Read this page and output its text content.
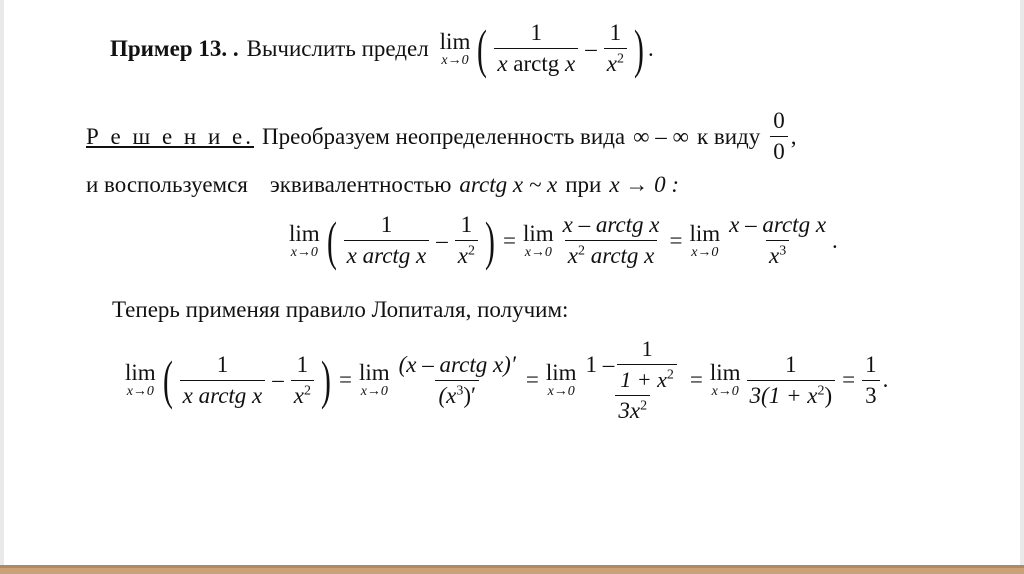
Пример 13. . Вычислить предел lim
x→0 ( $\frac{1}{\text{x arctg x}} - \frac{1}{x^2}$ ) .
Р е ш е н и е. Преобразуем неопределенность вида ∞ – ∞ к виду $\frac{0}{0}$ ,
и воспользуемся эквивалентностью arctg x ~ x при x → 0 :
lim
x→0 ( $\frac{1}{\text{x arctg x}} - \frac{1}{x^2}$ ) = lim
$x\to 0 \frac{\text{x – arctg x}}{x^2 arctg x} = \lim$
$x\to 0 \frac{\text{x – arctg x}}{x^3}$ .
Теперь применяя правило Лопиталя, получим:
lim
x→0 ( $\frac{1}{\text{x arctg x}} - \frac{1}{x^2}$ ) = lim
$x\to 0 \frac{\text{(x – arctg x)′}}{(x^3)'} = \lim$
$x\to 0 \frac{1 - \frac{1}{1 + x^2}}{3x^2} = \lim$
$x\to 0 \frac{1}{3(1 + x^2)} = \frac{1}{3}$ .
